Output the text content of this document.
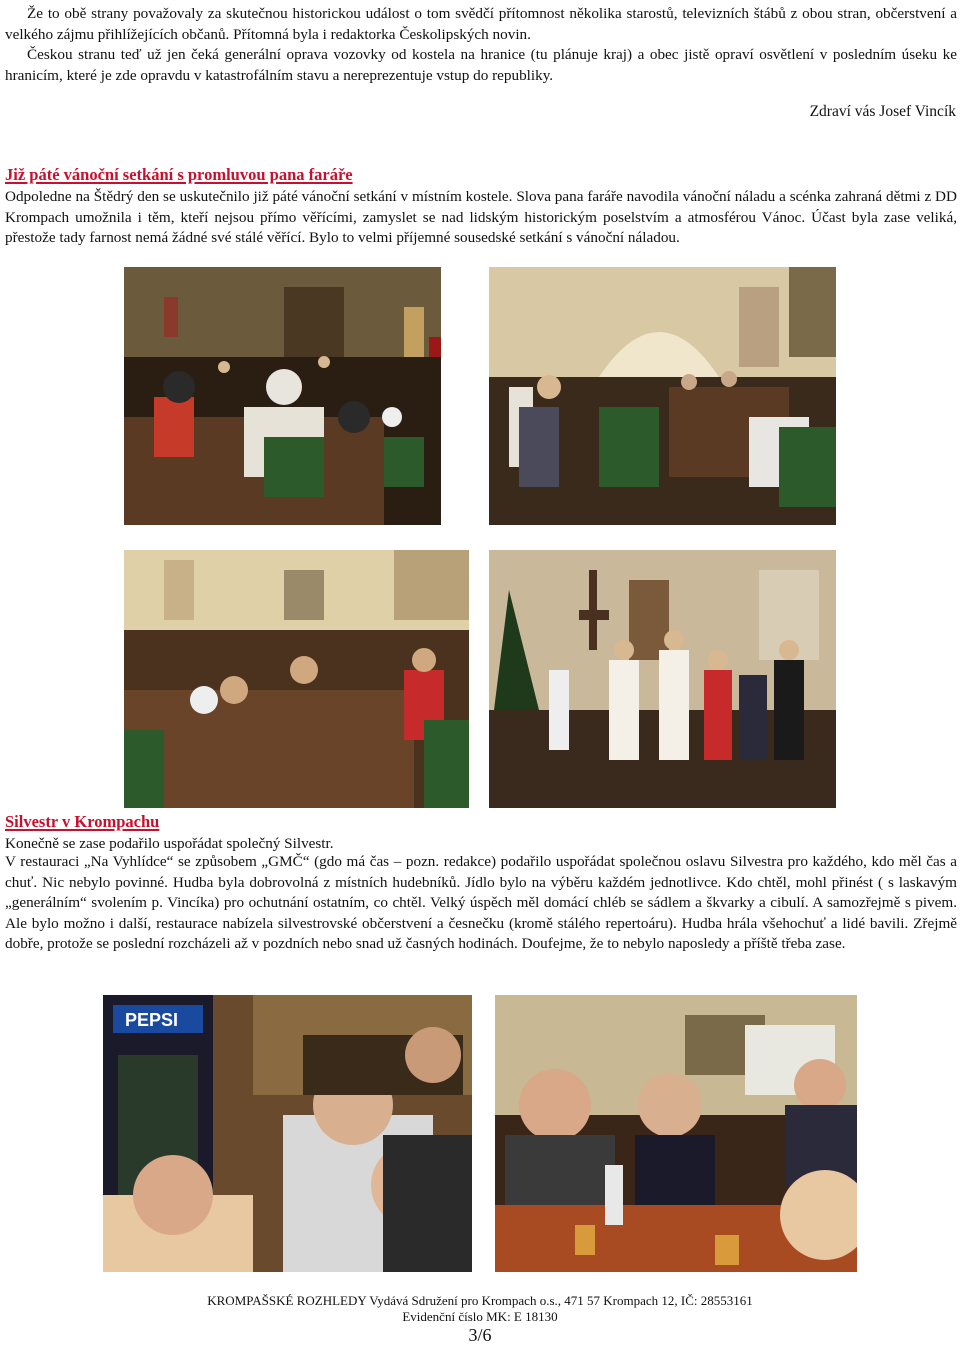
Že to obě strany považovaly za skutečnou historickou událost o tom svědčí přítomnost několika starostů, televizních štábů z obou stran, občerstvení a velkého zájmu přihlížejících občanů. Přítomná byla i redaktorka Českolipských novin.
Českou stranu teď už jen čeká generální oprava vozovky od kostela na hranice (tu plánuje kraj) a obec jistě opraví osvětlení v posledním úseku ke hranicím, které je zde opravdu v katastrofálním stavu a nereprezentuje vstup do republiky.
Zdraví vás Josef Vincík
Již páté vánoční setkání s promluvou pana faráře
Odpoledne na Štědrý den se uskutečnilo již páté vánoční setkání v místním kostele. Slova pana faráře navodila vánoční náladu a scénka zahraná dětmi z DD Krompach umožnila i těm, kteří nejsou přímo věřícími, zamyslet se nad lidským historickým poselstvím a atmosférou Vánoc. Účast byla zase veliká, přestože tady farnost nemá žádné své stálé věřící. Bylo to velmi příjemné sousedské setkání s vánoční náladou.
Silvestr v Krompachu
Konečně se zase podařilo uspořádat společný Silvestr.
V restauraci „Na Vyhlídce“ se způsobem „GMČ“ (gdo má čas – pozn. redakce) podařilo uspořádat společnou oslavu Silvestra pro každého, kdo měl čas a chuť. Nic nebylo povinné. Hudba byla dobrovolná z místních hudebníků. Jídlo bylo na výběru každém jednotlivce. Kdo chtěl, mohl přinést ( s laskavým „generálním“ svolením p. Vincíka) pro ochutnání ostatním, co chtěl. Velký úspěch měl domácí chléb se sádlem a škvarky a cibulí. A samozřejmě s pivem. Ale bylo možno i další, restaurace nabízela silvestrovské občerstvení a česnečku (kromě stálého repertoáru). Hudba hrála všehochuť a lidé bavili. Zřejmě dobře, protože se poslední rozcházeli až v pozdních nebo snad už časných hodinách. Doufejme, že to nebylo naposledy a příště třeba zase.
PEPSI
KROMPAŠSKÉ ROZHLEDY Vydává Sdružení pro Krompach o.s., 471 57 Krompach 12, IČ: 28553161
Evidenční číslo MK: E 18130
3/6
